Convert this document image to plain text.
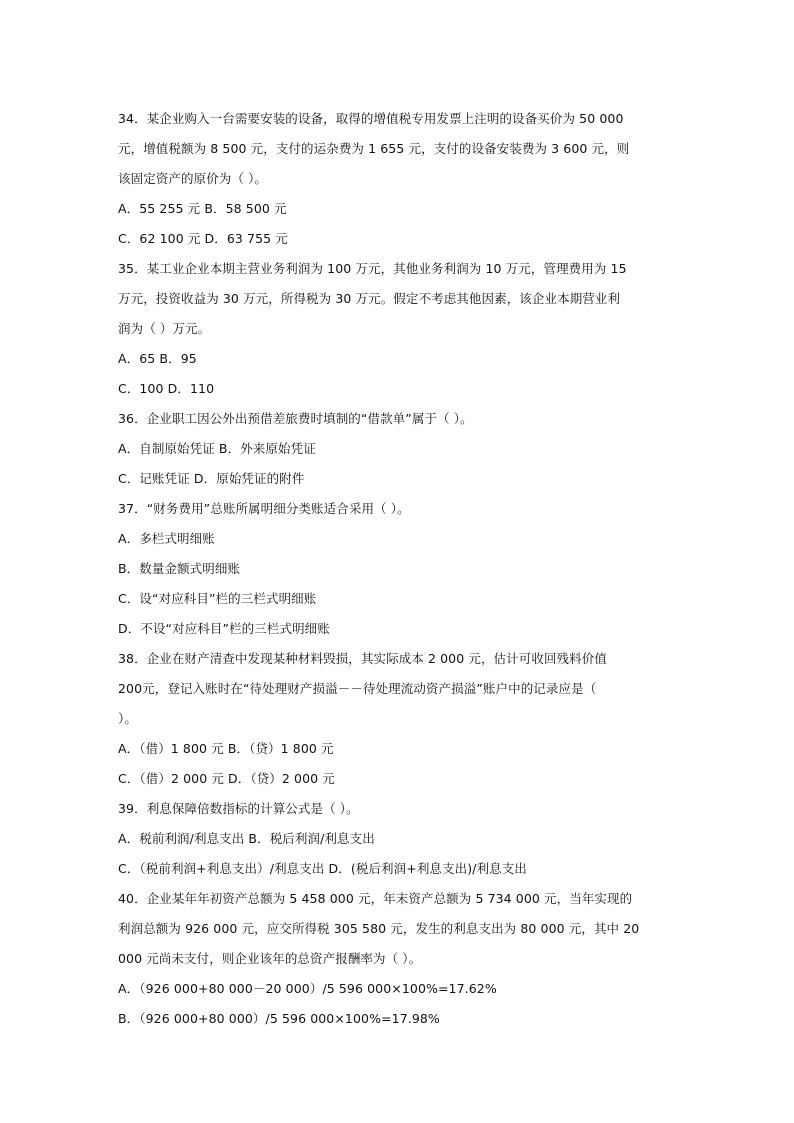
34．某企业购入一台需要安装的设备，取得的增值税专用发票上注明的设备买价为 50 000
元，增值税额为 8 500 元，支付的运杂费为 1 655 元，支付的设备安装费为 3 600 元，则
该固定资产的原价为（ ）。
A．55 255 元 B．58 500 元
C．62 100 元 D．63 755 元
35．某工业企业本期主营业务利润为 100 万元，其他业务利润为 10 万元，管理费用为 15
万元，投资收益为 30 万元，所得税为 30 万元。假定不考虑其他因素，该企业本期营业利
润为（ ）万元。
A．65 B．95
C．100 D．110
36．企业职工因公外出预借差旅费时填制的“借款单”属于（ ）。
A．自制原始凭证 B．外来原始凭证
C．记账凭证 D．原始凭证的附件
37．“财务费用”总账所属明细分类账适合采用（ ）。
A．多栏式明细账
B．数量金额式明细账
C．设“对应科目”栏的三栏式明细账
D．不设“对应科目”栏的三栏式明细账
38．企业在财产清查中发现某种材料毁损，其实际成本 2 000 元，估计可收回残料价值
200元，登记入账时在“待处理财产损溢－－待处理流动资产损溢”账户中的记录应是（
）。
A．（借）1 800 元 B．（贷）1 800 元
C．（借）2 000 元 D．（贷）2 000 元
39．利息保障倍数指标的计算公式是（ ）。
A．税前利润/利息支出 B．税后利润/利息支出
C．（税前利润+利息支出）/利息支出 D．(税后利润+利息支出)/利息支出
40．企业某年年初资产总额为 5 458 000 元，年末资产总额为 5 734 000 元，当年实现的
利润总额为 926 000 元，应交所得税 305 580 元，发生的利息支出为 80 000 元，其中 20
000 元尚未支付，则企业该年的总资产报酬率为（ ）。
A．（926 000+80 000－20 000）/5 596 000×100%=17.62%
B．（926 000+80 000）/5 596 000×100%=17.98%
